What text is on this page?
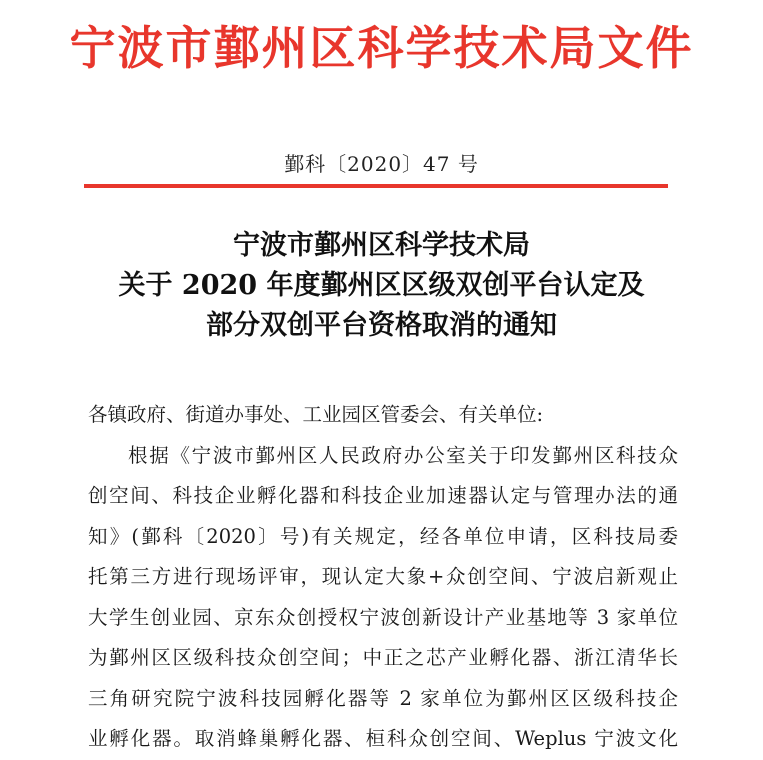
宁波市鄞州区科学技术局文件
鄞科〔2020〕47 号
宁波市鄞州区科学技术局
关于 2020 年度鄞州区区级双创平台认定及
部分双创平台资格取消的通知
各镇政府、街道办事处、工业园区管委会、有关单位:
根据《宁波市鄞州区人民政府办公室关于印发鄞州区科技众
创空间、科技企业孵化器和科技企业加速器认定与管理办法的通
知》(鄞科〔2020〕号)有关规定，经各单位申请，区科技局委
托第三方进行现场评审，现认定大象+众创空间、宁波启新观止
大学生创业园、京东众创授权宁波创新设计产业基地等 3 家单位
为鄞州区区级科技众创空间；中正之芯产业孵化器、浙江清华长
三角研究院宁波科技园孵化器等 2 家单位为鄞州区区级科技企
业孵化器。取消蜂巢孵化器、桓科众创空间、Weplus 宁波文化
